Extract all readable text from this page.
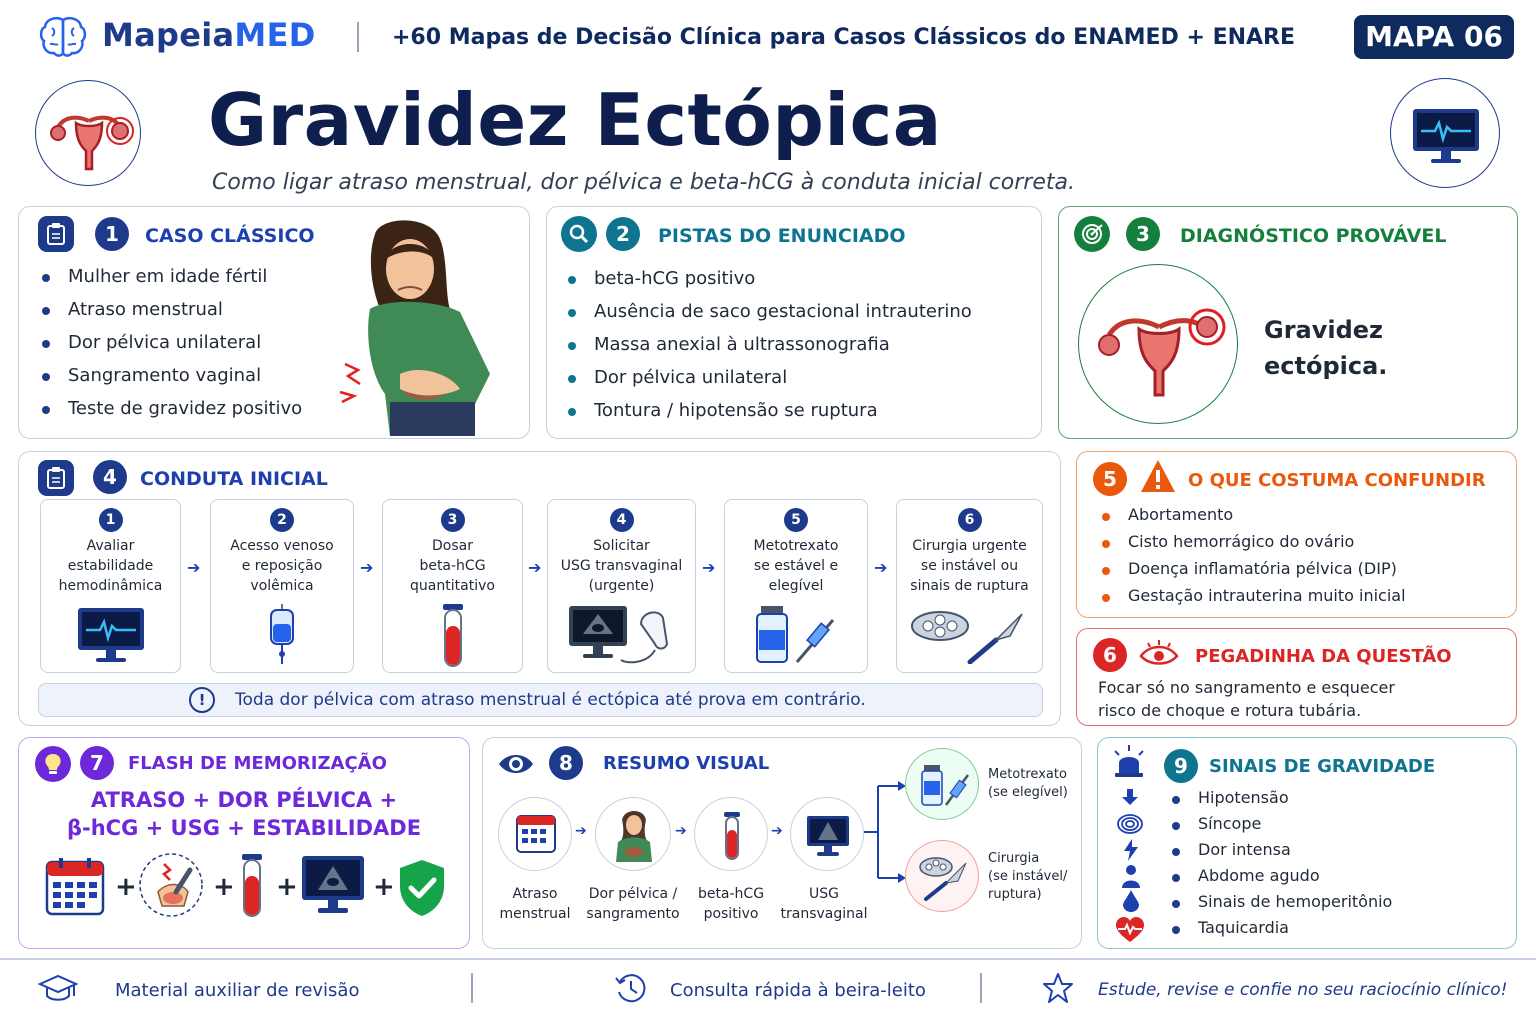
MapeiaMED	+60 Mapas de Decisão Clínica para Casos Clássicos do ENAMED + ENARE	MAPA 06
Gravidez Ectópica
Como ligar atraso menstrual, dor pélvica e beta-hCG à conduta inicial correta.
1	CASO CLÁSSICO
Mulher em idade fértil
Atraso menstrual
Dor pélvica unilateral
Sangramento vaginal
Teste de gravidez positivo
2	PISTAS DO ENUNCIADO
beta-hCG positivo
Ausência de saco gestacional intrauterino
Massa anexial à ultrassonografia
Dor pélvica unilateral
Tontura / hipotensão se ruptura
3	DIAGNÓSTICO PROVÁVEL
Gravidez
ectópica.
4	CONDUTA INICIAL
1
Avaliar
estabilidade
hemodinâmica
➔
2
Acesso venoso
e reposição
volêmica
➔
3
Dosar
beta-hCG
quantitativo
➔
4
Solicitar
USG transvaginal
(urgente)
➔
5
Metotrexato
se estável e
elegível
➔
6
Cirurgia urgente
se instável ou
sinais de ruptura
!	Toda dor pélvica com atraso menstrual é ectópica até prova em contrário.
5	O QUE COSTUMA CONFUNDIR
Abortamento
Cisto hemorrágico do ovário
Doença inflamatória pélvica (DIP)
Gestação intrauterina muito inicial
6	PEGADINHA DA QUESTÃO
Focar só no sangramento e esquecer
risco de choque e rotura tubária.
7	FLASH DE MEMORIZAÇÃO
ATRASO + DOR PÉLVICA +
β-hCG + USG + ESTABILIDADE
+	+ +	+
8	RESUMO VISUAL
➔	➔	➔
Atraso
menstrual
Dor pélvica /
sangramento
beta-hCG
positivo
USG
transvaginal
Metotrexato
(se elegível)
Cirurgia
(se instável/
ruptura)
9	SINAIS DE GRAVIDADE
Hipotensão
Síncope
Dor intensa
Abdome agudo
Sinais de hemoperitônio
Taquicardia
Material auxiliar de revisão	Consulta rápida à beira-leito	Estude, revise e confie no seu raciocínio clínico!
